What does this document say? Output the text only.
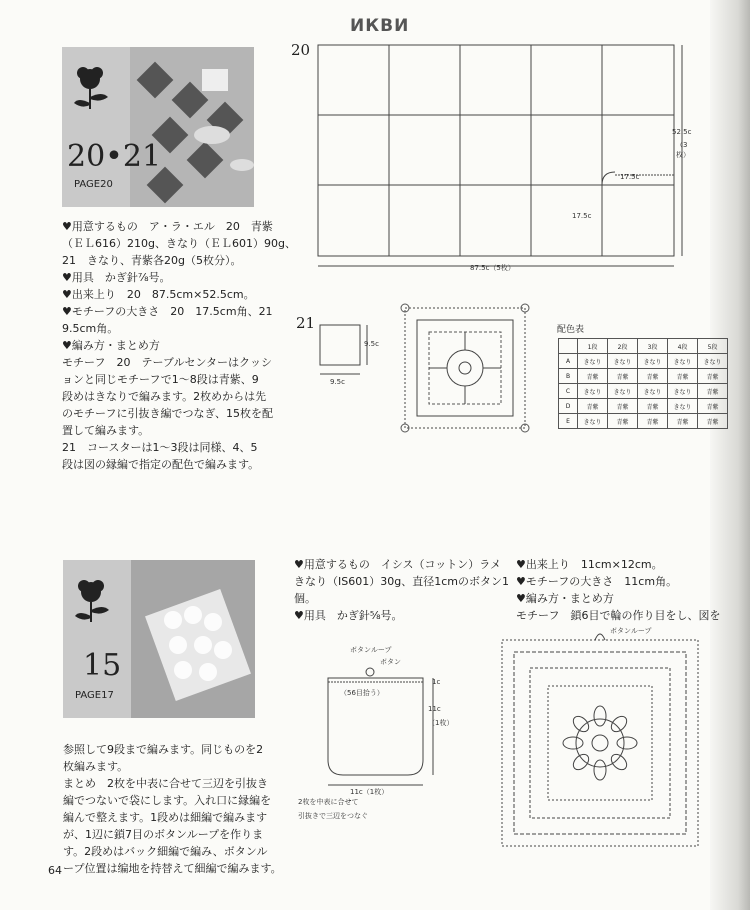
ИКВИ
20•21
PAGE20
♥用意するもの　ア・ラ・エル　20　青紫
（ＥＬ616）210g、きなり（ＥＬ601）90g、
21　きなり、青紫各20g（5枚分）。
♥用具　かぎ針⅞号。
♥出来上り　20　87.5cm×52.5cm。
♥モチーフの大きさ　20　17.5cm角、21
9.5cm角。
♥編み方・まとめ方
モチーフ　20　テーブルセンターはクッシ
ョンと同じモチーフで1～8段は青紫、9
段めはきなりで編みます。2枚めからは先
のモチーフに引抜き編でつなぎ、15枚を配
置して編みます。
21　コースターは1～3段は同様、4、5
段は図の縁編で指定の配色で編みます。
20
87.5c（5枚）
52.5c
（3枚）
17.5c
17.5c
21
9.5c
9.5c
配色表
	1段	2段	3段	4段	5段
A	きなり	きなり	きなり	きなり	きなり
B	青紫	青紫	青紫	青紫	青紫
C	きなり	きなり	きなり	きなり	青紫
D	青紫	青紫	青紫	きなり	青紫
E	きなり	青紫	青紫	青紫	青紫
15
PAGE17
♥用意するもの　イシス（コットン）ラメ
きなり（IS601）30g、直径1cmのボタン1
個。
♥用具　かぎ針⅝号。
♥出来上り　11cm×12cm。
♥モチーフの大きさ　11cm角。
♥編み方・まとめ方
モチーフ　鎖6目で輪の作り目をし、図を
参照して9段まで編みます。同じものを2
枚編みます。
まとめ　2枚を中表に合せて三辺を引抜き
編でつないで袋にします。入れ口に縁編を
編んで整えます。1段めは細編で編みます
が、1辺に鎖7目のボタンループを作りま
す。2段めはバック細編で編み、ボタンル
ープ位置は编地を持替えて細編で編みます。
ボタンループ
ボタン
（56目拾う）
1c
11c
（1枚）
11c（1枚）
2枚を中表に合せて
引抜きで三辺をつなぐ
ボタンループ
64
